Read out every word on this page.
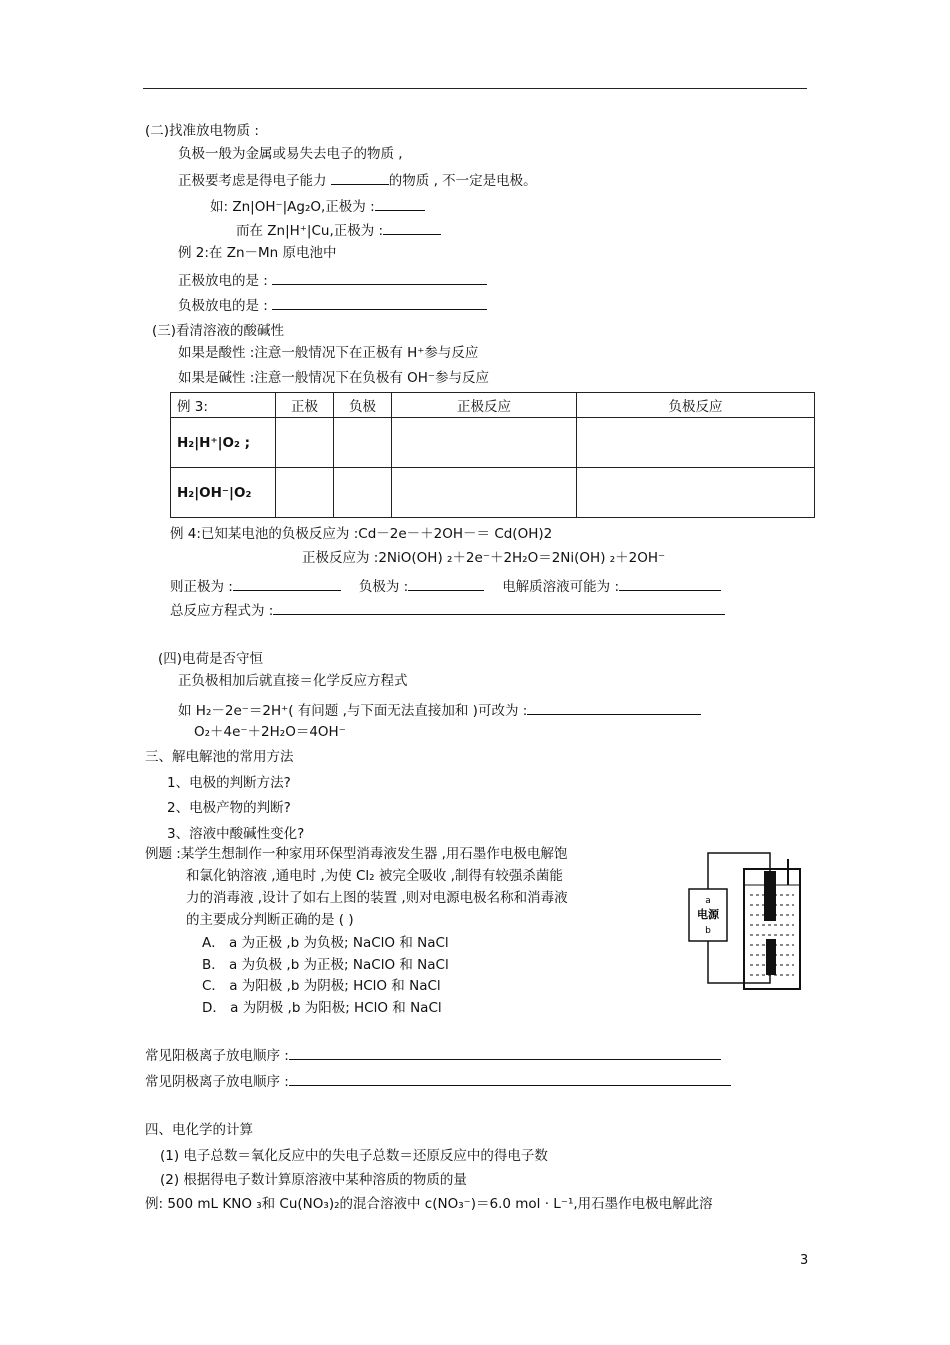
(二)找准放电物质 :
负极一般为金属或易失去电子的物质 ,
正极要考虑是得电子能力	的物质 , 不一定是电极。
如: Zn|OH⁻|Ag₂O,正极为 :
而在 Zn|H⁺|Cu,正极为 :
例 2:在 Zn－Mn 原电池中
正极放电的是 :
负极放电的是 :
(三)看清溶液的酸碱性
如果是酸性 :注意一般情况下在正极有 H⁺参与反应
如果是碱性 :注意一般情况下在负极有 OH⁻参与反应
例 3:	正极	负极	正极反应	负极反应
H₂|H⁺|O₂ ;				
H₂|OH⁻|O₂				
例 4:已知某电池的负极反应为 :Cd－2e－＋2OH－＝ Cd(OH)2
正极反应为 :2NiO(OH) ₂＋2e⁻＋2H₂O＝2Ni(OH) ₂＋2OH⁻
则正极为 :	负极为 :	电解质溶液可能为 :
总反应方程式为 :
(四)电荷是否守恒
正负极相加后就直接＝化学反应方程式
如 H₂－2e⁻＝2H⁺( 有问题 ,与下面无法直接加和 )可改为 :
O₂＋4e⁻＋2H₂O＝4OH⁻
三、解电解池的常用方法
1、电极的判断方法?
2、电极产物的判断?
3、溶液中酸碱性变化?
例题 :某学生想制作一种家用环保型消毒液发生器 ,用石墨作电极电解饱
和氯化钠溶液 ,通电时 ,为使 Cl₂ 被完全吸收 ,制得有较强杀菌能
力的消毒液 ,设计了如右上图的装置 ,则对电源电极名称和消毒液
的主要成分判断正确的是 ( )
A． a 为正极 ,b 为负极; NaClO 和 NaCl
B． a 为负极 ,b 为正极; NaClO 和 NaCl
C． a 为阳极 ,b 为阴极; HClO 和 NaCl
D． a 为阴极 ,b 为阳极; HClO 和 NaCl
a
电源
b
常见阳极离子放电顺序 :
常见阴极离子放电顺序 :
四、电化学的计算
(1) 电子总数＝氧化反应中的失电子总数＝还原反应中的得电子数
(2) 根据得电子数计算原溶液中某种溶质的物质的量
例: 500 mL KNO ₃和 Cu(NO₃)₂的混合溶液中 c(NO₃⁻)＝6.0 mol · L⁻¹,用石墨作电极电解此溶
3
